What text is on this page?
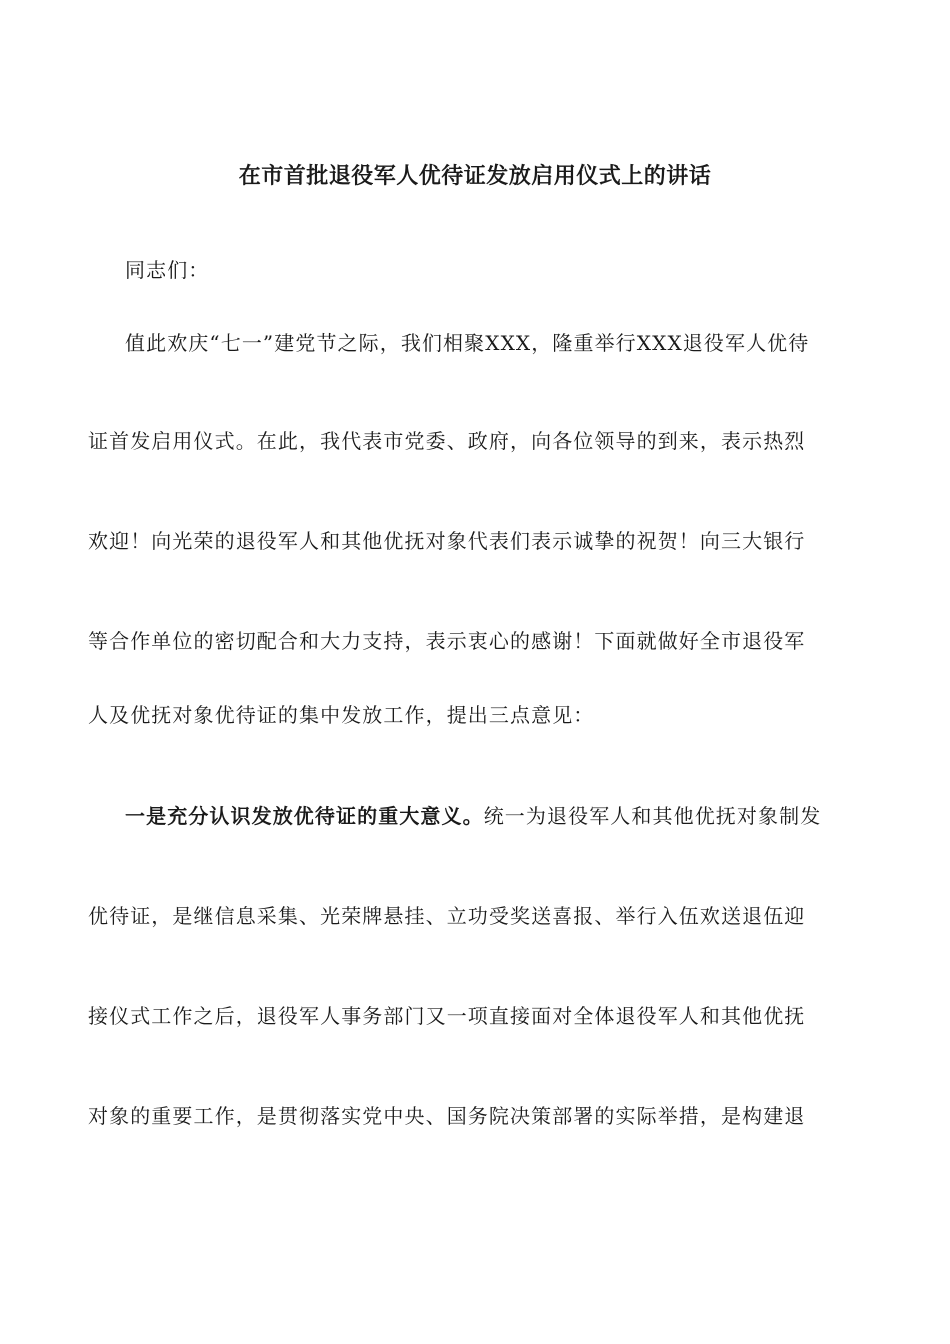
在市首批退役军人优待证发放启用仪式上的讲话

同志们：

值此欢庆“七一”建党节之际，我们相聚XXX，隆重举行XXX退役军人优待

证首发启用仪式。在此，我代表市党委、政府，向各位领导的到来，表示热烈

欢迎！向光荣的退役军人和其他优抚对象代表们表示诚挚的祝贺！向三大银行

等合作单位的密切配合和大力支持，表示衷心的感谢！下面就做好全市退役军

人及优抚对象优待证的集中发放工作，提出三点意见：

一是充分认识发放优待证的重大意义。统一为退役军人和其他优抚对象制发

优待证，是继信息采集、光荣牌悬挂、立功受奖送喜报、举行入伍欢送退伍迎

接仪式工作之后，退役军人事务部门又一项直接面对全体退役军人和其他优抚

对象的重要工作，是贯彻落实党中央、国务院决策部署的实际举措，是构建退
